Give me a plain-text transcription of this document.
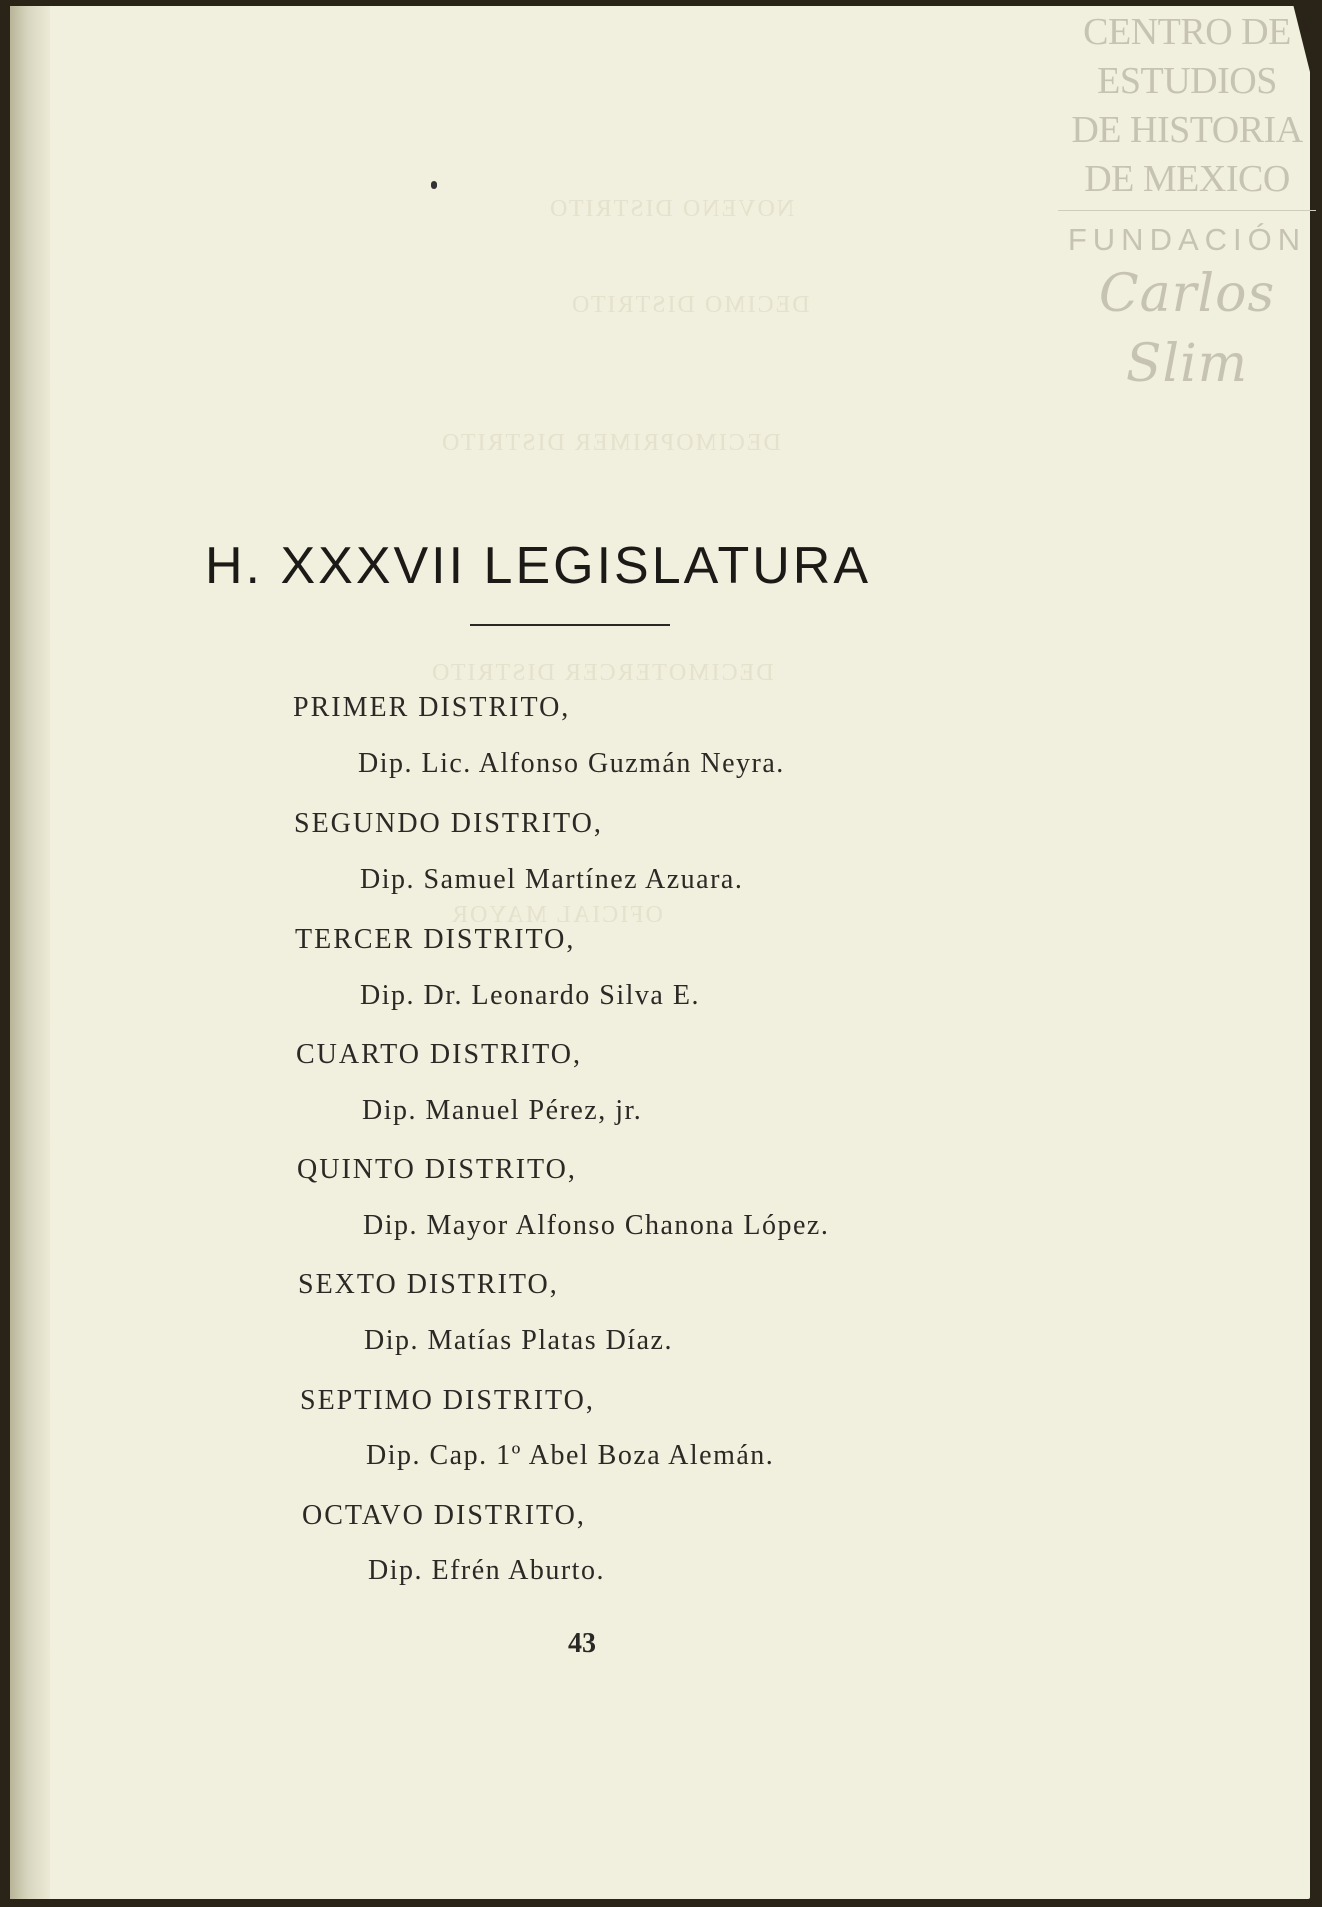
NOVENO DISTRITO
DECIMO DISTRITO
DECIMOPRIMER DISTRITO
DECIMOTERCER DISTRITO
OFICIAL MAYOR
CENTRO DE
ESTUDIOS
DE HISTORIA
DE MEXICO
FUNDACIÓN
Carlos Slim
H. XXXVII LEGISLATURA
PRIMER DISTRITO,
Dip. Lic. Alfonso Guzmán Neyra.
SEGUNDO DISTRITO,
Dip. Samuel Martínez Azuara.
TERCER DISTRITO,
Dip. Dr. Leonardo Silva E.
CUARTO DISTRITO,
Dip. Manuel Pérez, jr.
QUINTO DISTRITO,
Dip. Mayor Alfonso Chanona López.
SEXTO DISTRITO,
Dip. Matías Platas Díaz.
SEPTIMO DISTRITO,
Dip. Cap. 1º Abel Boza Alemán.
OCTAVO DISTRITO,
Dip. Efrén Aburto.
43
